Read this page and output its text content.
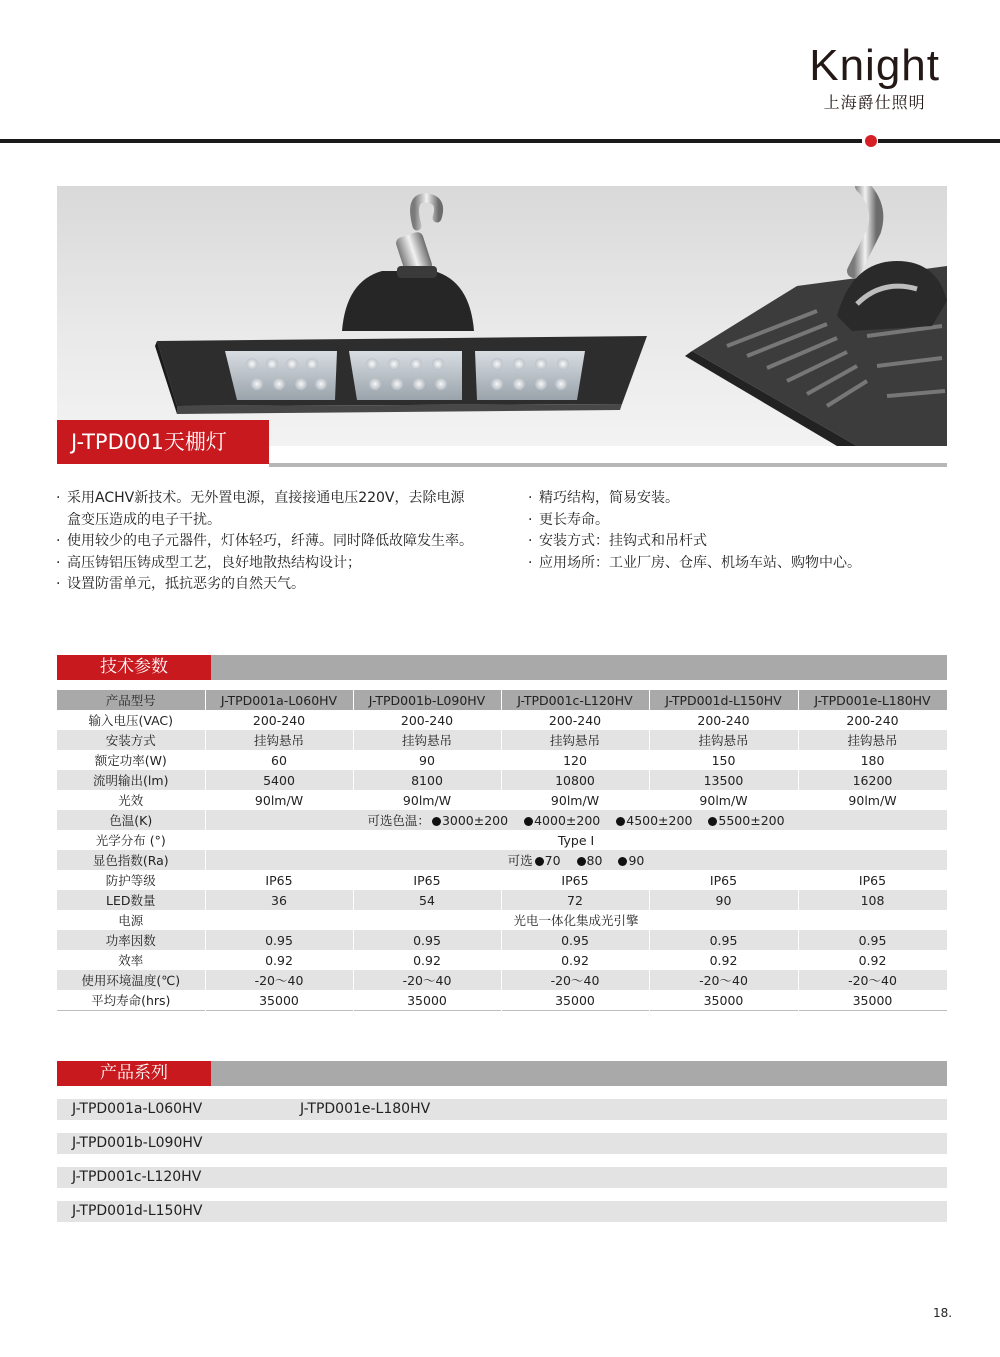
Knight
上海爵仕照明
J-TPD001天棚灯
· 采用ACHV新技术。无外置电源，直接接通电压220V，去除电源盒变压造成的电子干扰。
· 使用较少的电子元器件，灯体轻巧，纤薄。同时降低故障发生率。
· 高压铸铝压铸成型工艺，良好地散热结构设计；
· 设置防雷单元，抵抗恶劣的自然天气。
· 精巧结构，简易安装。
· 更长寿命。
· 安装方式：挂钩式和吊杆式
· 应用场所：工业厂房、仓库、机场车站、购物中心。
技术参数
产品型号	J-TPD001a-L060HV	J-TPD001b-L090HV	J-TPD001c-L120HV	J-TPD001d-L150HV	J-TPD001e-L180HV
输入电压(VAC)	200-240	200-240	200-240	200-240	200-240
安装方式	挂钩悬吊	挂钩悬吊	挂钩悬吊	挂钩悬吊	挂钩悬吊
额定功率(W)	60	90	120	150	180
流明输出(lm)	5400	8100	10800	13500	16200
光效	90lm/W	90lm/W	90lm/W	90lm/W	90lm/W
色温(K)	可选色温： 3000±200 4000±200 4500±200 5500±200				
光学分布 (°)	Type I				
显色指数(Ra)	可选 70 80 90				
防护等级	IP65	IP65	IP65	IP65	IP65
LED数量	36	54	72	90	108
电源	光电一体化集成光引擎				
功率因数	0.95	0.95	0.95	0.95	0.95
效率	0.92	0.92	0.92	0.92	0.92
使用环境温度(℃)	-20～40	-20～40	-20～40	-20～40	-20～40
平均寿命(hrs)	35000	35000	35000	35000	35000
产品系列
J-TPD001a-L060HV	J-TPD001e-L180HV
J-TPD001b-L090HV
J-TPD001c-L120HV
J-TPD001d-L150HV
18.
